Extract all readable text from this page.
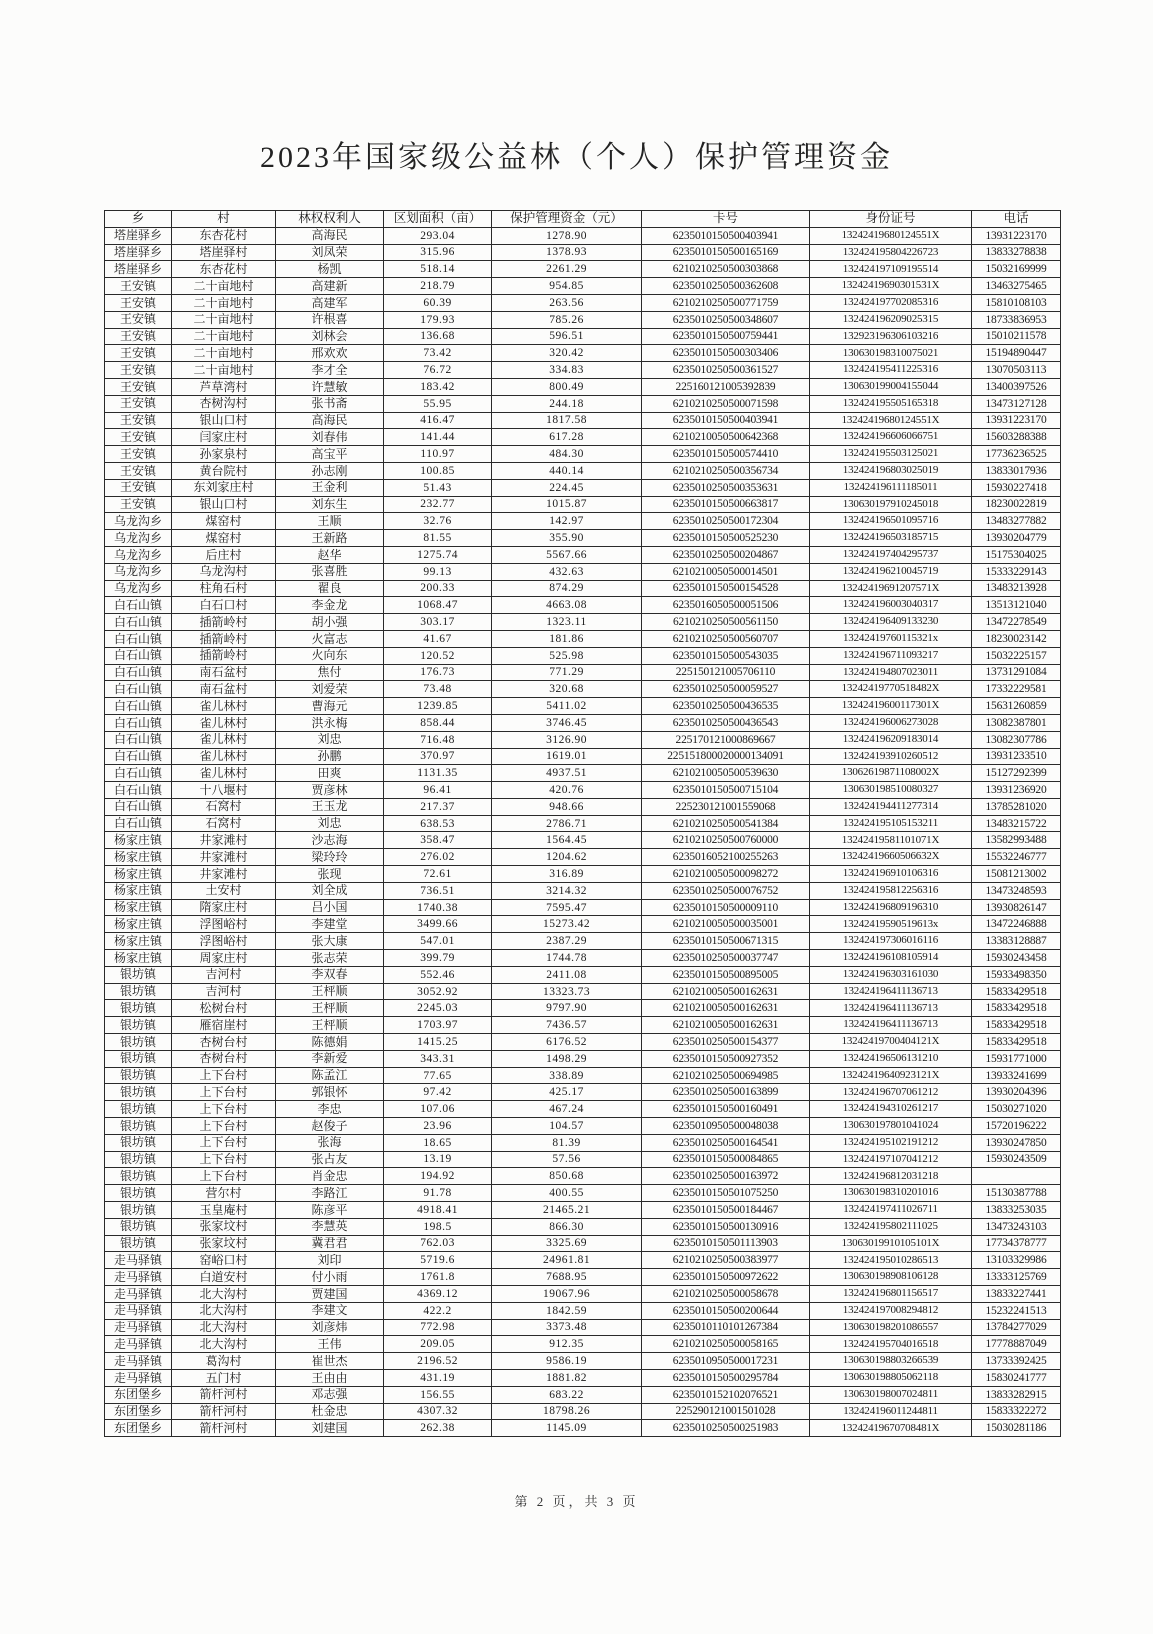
2023年国家级公益林（个人）保护管理资金
乡	村	林权权利人	区划面积（亩）	保护管理资金（元）	卡号	身份证号	电话
塔崖驿乡	东杏花村	高海民	293.04	1278.90	6235010150500403941	13242419680124551X	13931223170
塔崖驿乡	塔崖驿村	刘凤荣	315.96	1378.93	6235010150500165169	132424195804226723	13833278838
塔崖驿乡	东杏花村	杨凯	518.14	2261.29	6210210250500303868	132424197109195514	15032169999
王安镇	二十亩地村	高建新	218.79	954.85	6235010250500362608	13242419690301531X	13463275465
王安镇	二十亩地村	高建军	60.39	263.56	6210210250500771759	132424197702085316	15810108103
王安镇	二十亩地村	许根喜	179.93	785.26	6235010250500348607	132424196209025315	18733836953
王安镇	二十亩地村	刘林会	136.68	596.51	6235010150500759441	132923196306103216	15010211578
王安镇	二十亩地村	邢欢欢	73.42	320.42	6235010150500303406	130630198310075021	15194890447
王安镇	二十亩地村	李才全	76.72	334.83	6235010250500361527	132424195411225316	13070503113
王安镇	芦草湾村	许慧敏	183.42	800.49	225160121005392839	130630199004155044	13400397526
王安镇	杏树沟村	张书斋	55.95	244.18	6210210250500071598	132424195505165318	13473127128
王安镇	银山口村	高海民	416.47	1817.58	6235010150500403941	13242419680124551X	13931223170
王安镇	闫家庄村	刘春伟	141.44	617.28	6210210050500642368	132424196606066751	15603288388
王安镇	孙家泉村	高宝平	110.97	484.30	6235010150500574410	132424195503125021	17736236525
王安镇	黄台院村	孙志刚	100.85	440.14	6210210250500356734	132424196803025019	13833017936
王安镇	东刘家庄村	王金利	51.43	224.45	6235010250500353631	132424196111185011	15930227418
王安镇	银山口村	刘东生	232.77	1015.87	6235010150500663817	130630197910245018	18230022819
乌龙沟乡	煤窑村	王顺	32.76	142.97	6235010250500172304	132424196501095716	13483277882
乌龙沟乡	煤窑村	王新路	81.55	355.90	6235010150500525230	132424196503185715	13930204779
乌龙沟乡	后庄村	赵华	1275.74	5567.66	6235010250500204867	132424197404295737	15175304025
乌龙沟乡	乌龙沟村	张喜胜	99.13	432.63	6210210050500014501	132424196210045719	15333229143
乌龙沟乡	柱角石村	翟良	200.33	874.29	6235010150500154528	13242419691207571X	13483213928
白石山镇	白石口村	李金龙	1068.47	4663.08	6235016050500051506	132424196003040317	13513121040
白石山镇	插箭岭村	胡小强	303.17	1323.11	6210210250500561150	132424196409133230	13472278549
白石山镇	插箭岭村	火富志	41.67	181.86	6210210250500560707	13242419760115321x	18230023142
白石山镇	插箭岭村	火向东	120.52	525.98	6235010150500543035	132424196711093217	15032225157
白石山镇	南石盆村	焦付	176.73	771.29	225150121005706110	132424194807023011	13731291084
白石山镇	南石盆村	刘爱荣	73.48	320.68	6235010250500059527	13242419770518482X	17332229581
白石山镇	雀儿林村	曹海元	1239.85	5411.02	6235010250500436535	13242419600117301X	15631260859
白石山镇	雀儿林村	洪永梅	858.44	3746.45	6235010250500436543	132424196006273028	13082387801
白石山镇	雀儿林村	刘忠	716.48	3126.90	225170121000869667	132424196209183014	13082307786
白石山镇	雀儿林村	孙鹏	370.97	1619.01	225151800020000134091	132424193910260512	13931233510
白石山镇	雀儿林村	田爽	1131.35	4937.51	6210210050500539630	13062619871108002X	15127292399
白石山镇	十八堰村	贾彦林	96.41	420.76	6235010150500715104	130630198510080327	13931236920
白石山镇	石窝村	王玉龙	217.37	948.66	225230121001559068	132424194411277314	13785281020
白石山镇	石窝村	刘忠	638.53	2786.71	6210210250500541384	132424195105153211	13483215722
杨家庄镇	井家滩村	沙志海	358.47	1564.45	6210210250500760000	13242419581101071X	13582993488
杨家庄镇	井家滩村	梁玲玲	276.02	1204.62	6235016052100255263	13242419660506632X	15532246777
杨家庄镇	井家滩村	张现	72.61	316.89	6210210050500098272	132424196910106316	15081213002
杨家庄镇	土安村	刘全成	736.51	3214.32	6235010250500076752	132424195812256316	13473248593
杨家庄镇	隋家庄村	吕小国	1740.38	7595.47	6235010150500009110	132424196809196310	13930826147
杨家庄镇	浮图峪村	李建堂	3499.66	15273.42	6210210050500035001	13242419590519613x	13472246888
杨家庄镇	浮图峪村	张大康	547.01	2387.29	6235010150500671315	132424197306016116	13383128887
杨家庄镇	周家庄村	张志荣	399.79	1744.78	6235010250500037747	132424196108105914	15930243458
银坊镇	吉河村	李双春	552.46	2411.08	6235010150500895005	132424196303161030	15933498350
银坊镇	吉河村	王枰顺	3052.92	13323.73	6210210050500162631	132424196411136713	15833429518
银坊镇	松树台村	王枰顺	2245.03	9797.90	6210210050500162631	132424196411136713	15833429518
银坊镇	雁宿崖村	王枰顺	1703.97	7436.57	6210210050500162631	132424196411136713	15833429518
银坊镇	杏树台村	陈德娟	1415.25	6176.52	6235010250500154377	13242419700404121X	15833429518
银坊镇	杏树台村	李新爱	343.31	1498.29	6235010150500927352	132424196506131210	15931771000
银坊镇	上下台村	陈孟江	77.65	338.89	6210210250500694985	13242419640923121X	13933241699
银坊镇	上下台村	郭银怀	97.42	425.17	6235010250500163899	132424196707061212	13930204396
银坊镇	上下台村	李忠	107.06	467.24	6235010150500160491	132424194310261217	15030271020
银坊镇	上下台村	赵俊子	23.96	104.57	6235010950500048038	130630197801041024	15720196222
银坊镇	上下台村	张海	18.65	81.39	6235010250500164541	132424195102191212	13930247850
银坊镇	上下台村	张占友	13.19	57.56	6235010150500084865	132424197107041212	15930243509
银坊镇	上下台村	肖金忠	194.92	850.68	6235010250500163972	132424196812031218	
银坊镇	营尔村	李路江	91.78	400.55	6235010150501075250	130630198310201016	15130387788
银坊镇	玉皇庵村	陈彦平	4918.41	21465.21	6235010150500184467	132424197411026711	13833253035
银坊镇	张家坟村	李慧英	198.5	866.30	6235010150500130916	132424195802111025	13473243103
银坊镇	张家坟村	冀君君	762.03	3325.69	6235010150501113903	13063019910105101X	17734378777
走马驿镇	窑峪口村	刘印	5719.6	24961.81	6210210250500383977	132424195010286513	13103329986
走马驿镇	白道安村	付小雨	1761.8	7688.95	6235010150500972622	130630198908106128	13333125769
走马驿镇	北大沟村	贾建国	4369.12	19067.96	6210210250500058678	132424196801156517	13833227441
走马驿镇	北大沟村	李建文	422.2	1842.59	6235010150500200644	132424197008294812	15232241513
走马驿镇	北大沟村	刘彦炜	772.98	3373.48	6235010110101267384	130630198201086557	13784277029
走马驿镇	北大沟村	王伟	209.05	912.35	6210210250500058165	132424195704016518	17778887049
走马驿镇	葛沟村	崔世杰	2196.52	9586.19	6235010950500017231	130630198803266539	13733392425
走马驿镇	五门村	王由由	431.19	1881.82	6235010150500295784	130630198805062118	15830241777
东团堡乡	箭杆河村	邓志强	156.55	683.22	6235010152102076521	130630198007024811	13833282915
东团堡乡	箭杆河村	杜金忠	4307.32	18798.26	225290121001501028	132424196011244811	15833322272
东团堡乡	箭杆河村	刘建国	262.38	1145.09	6235010250500251983	13242419670708481X	15030281186
第 2 页，共 3 页
